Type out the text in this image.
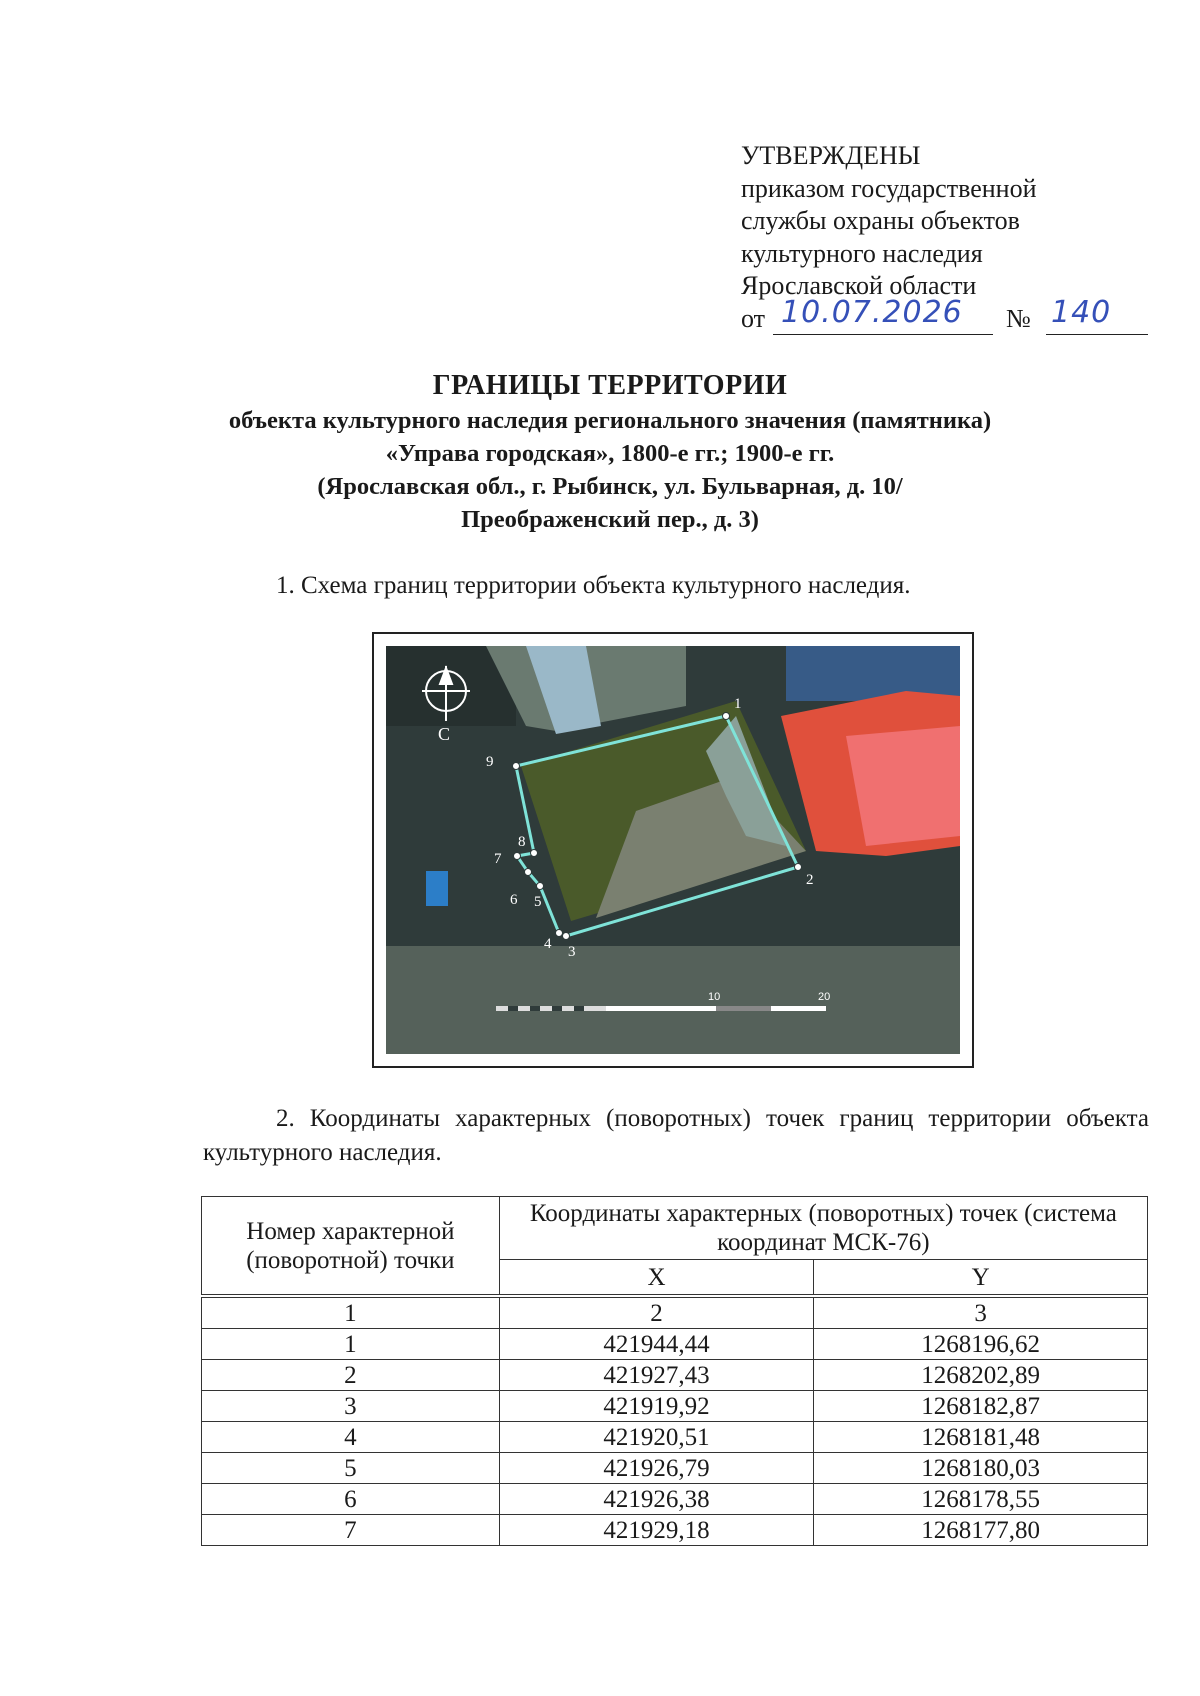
УТВЕРЖДЕНЫ
приказом государственной
службы охраны объектов
культурного наследия
Ярославской области
от 10.07.2026 № 140
ГРАНИЦЫ ТЕРРИТОРИИ
объекта культурного наследия регионального значения (памятника)
«Управа городская», 1800-е гг.; 1900-е гг.
(Ярославская обл., г. Рыбинск, ул. Бульварная, д. 10/
Преображенский пер., д. 3)
1. Схема границ территории объекта культурного наследия.
1
2
3
4
5
6
7
8
9
С
10	20
2. Координаты характерных (поворотных) точек границ территории объекта культурного наследия.
Номер характерной (поворотной) точки	Координаты характерных (поворотных) точек (система координат МСК-76)	
	X	Y
1	2	3
1	421944,44	1268196,62
2	421927,43	1268202,89
3	421919,92	1268182,87
4	421920,51	1268181,48
5	421926,79	1268180,03
6	421926,38	1268178,55
7	421929,18	1268177,80
